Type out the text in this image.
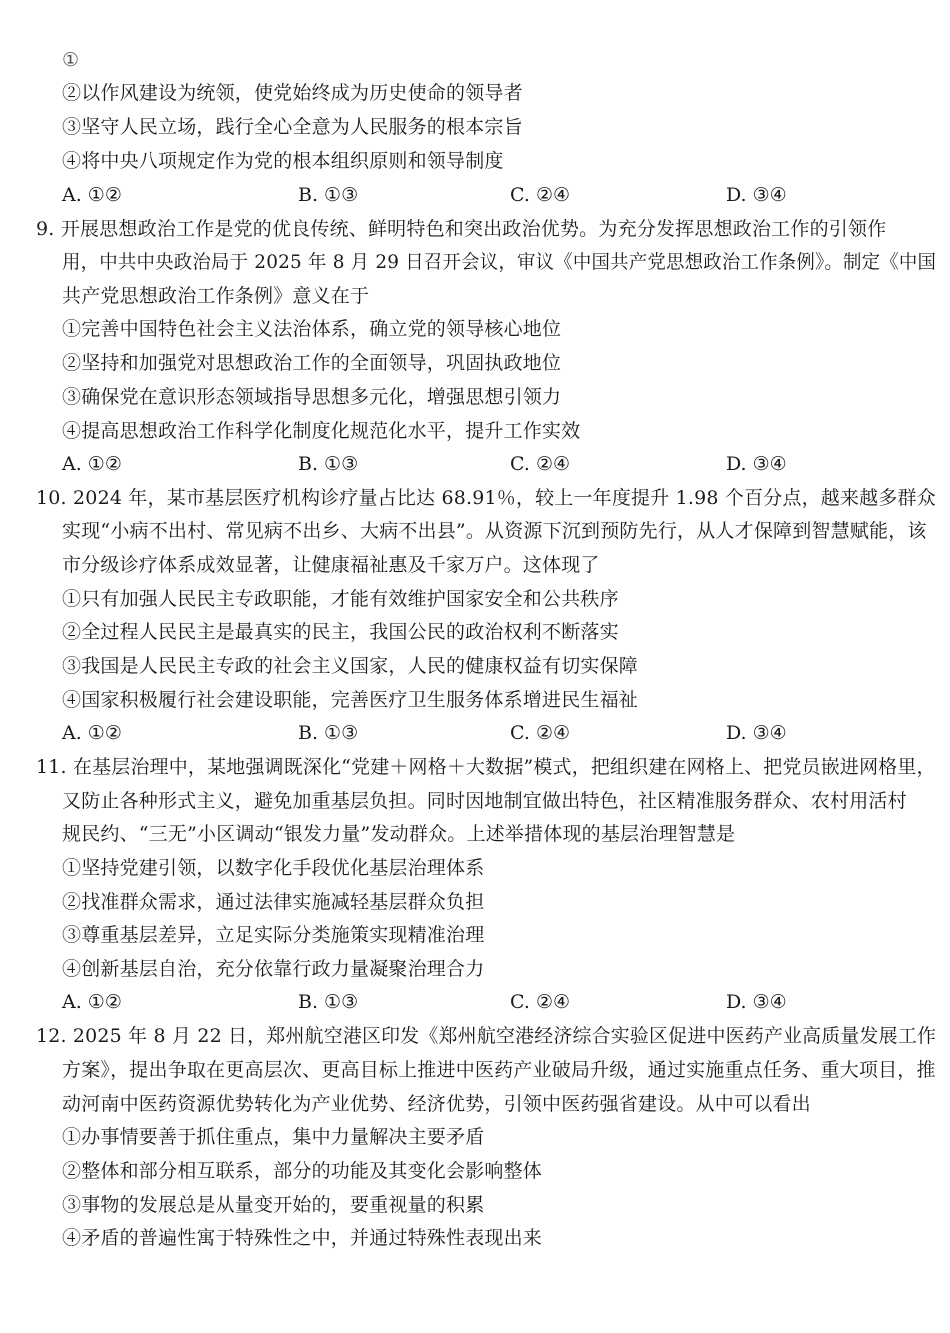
①
②以作风建设为统领，使党始终成为历史使命的领导者
③坚守人民立场，践行全心全意为人民服务的根本宗旨
④将中央八项规定作为党的根本组织原则和领导制度
A. ①②	B. ①③	C. ②④	D. ③④
9. 开展思想政治工作是党的优良传统、鲜明特色和突出政治优势。为充分发挥思想政治工作的引领作
用，中共中央政治局于 2025 年 8 月 29 日召开会议，审议《中国共产党思想政治工作条例》。制定《中国
共产党思想政治工作条例》意义在于
①完善中国特色社会主义法治体系，确立党的领导核心地位
②坚持和加强党对思想政治工作的全面领导，巩固执政地位
③确保党在意识形态领域指导思想多元化，增强思想引领力
④提高思想政治工作科学化制度化规范化水平，提升工作实效
A. ①②	B. ①③	C. ②④	D. ③④
10. 2024 年，某市基层医疗机构诊疗量占比达 68.91％，较上一年度提升 1.98 个百分点，越来越多群众
实现“小病不出村、常见病不出乡、大病不出县”。从资源下沉到预防先行，从人才保障到智慧赋能，该
市分级诊疗体系成效显著，让健康福祉惠及千家万户。这体现了
①只有加强人民民主专政职能，才能有效维护国家安全和公共秩序
②全过程人民民主是最真实的民主，我国公民的政治权利不断落实
③我国是人民民主专政的社会主义国家，人民的健康权益有切实保障
④国家积极履行社会建设职能，完善医疗卫生服务体系增进民生福祉
A. ①②	B. ①③	C. ②④	D. ③④
11. 在基层治理中，某地强调既深化“党建＋网格＋大数据”模式，把组织建在网格上、把党员嵌进网格里，
又防止各种形式主义，避免加重基层负担。同时因地制宜做出特色，社区精准服务群众、农村用活村
规民约、“三无”小区调动“银发力量”发动群众。上述举措体现的基层治理智慧是
①坚持党建引领，以数字化手段优化基层治理体系
②找准群众需求，通过法律实施减轻基层群众负担
③尊重基层差异，立足实际分类施策实现精准治理
④创新基层自治，充分依靠行政力量凝聚治理合力
A. ①②	B. ①③	C. ②④	D. ③④
12. 2025 年 8 月 22 日，郑州航空港区印发《郑州航空港经济综合实验区促进中医药产业高质量发展工作
方案》，提出争取在更高层次、更高目标上推进中医药产业破局升级，通过实施重点任务、重大项目，推
动河南中医药资源优势转化为产业优势、经济优势，引领中医药强省建设。从中可以看出
①办事情要善于抓住重点，集中力量解决主要矛盾
②整体和部分相互联系，部分的功能及其变化会影响整体
③事物的发展总是从量变开始的，要重视量的积累
④矛盾的普遍性寓于特殊性之中，并通过特殊性表现出来
